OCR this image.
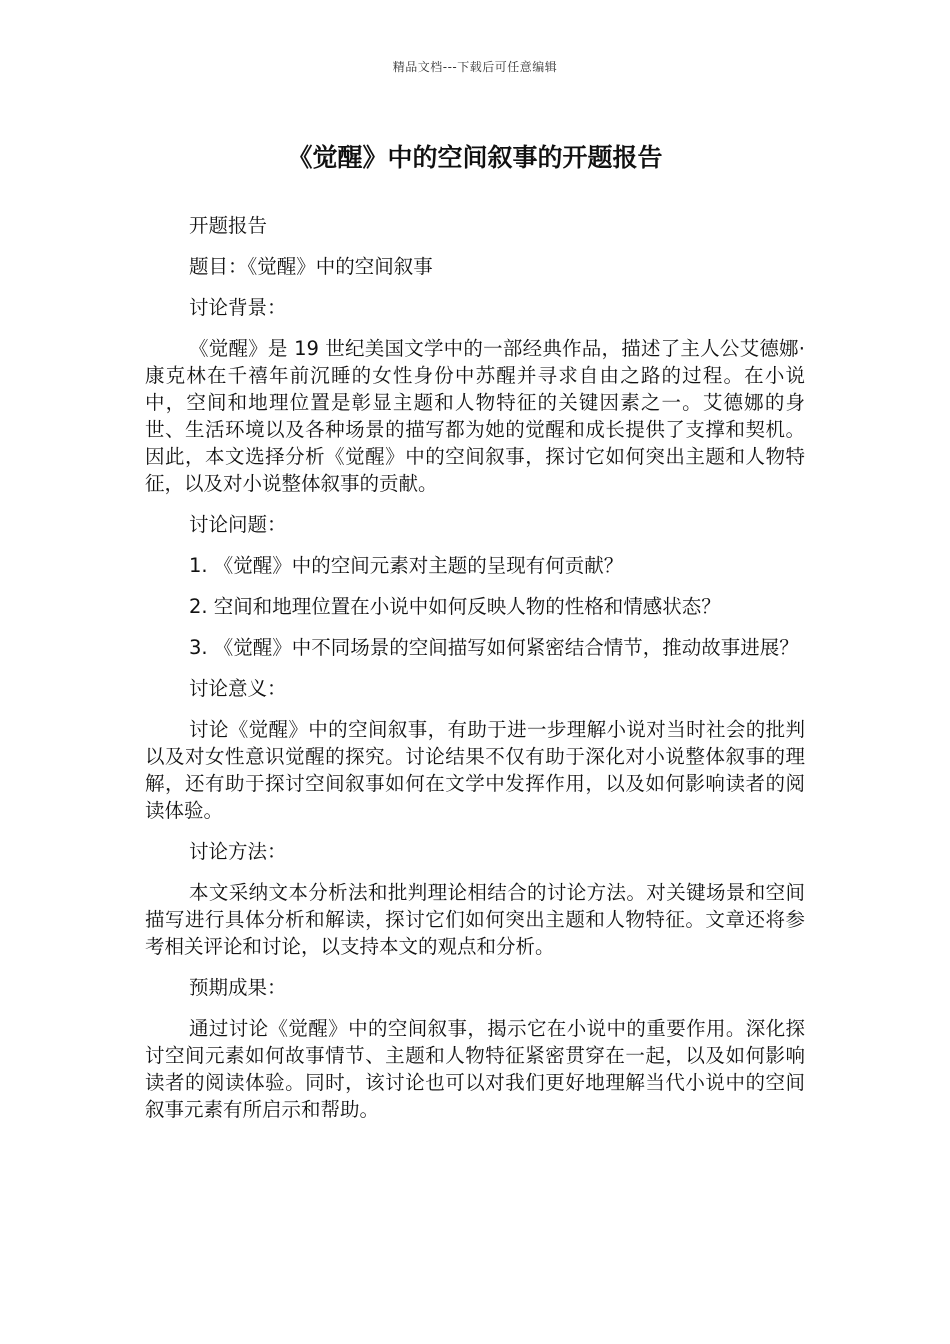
精品文档---下载后可任意编辑
《觉醒》中的空间叙事的开题报告

开题报告

题目：《觉醒》中的空间叙事

讨论背景：

《觉醒》是 19 世纪美国文学中的一部经典作品，描述了主人公艾德娜·康克林在千禧年前沉睡的女性身份中苏醒并寻求自由之路的过程。在小说中，空间和地理位置是彰显主题和人物特征的关键因素之一。艾德娜的身世、生活环境以及各种场景的描写都为她的觉醒和成长提供了支撑和契机。因此，本文选择分析《觉醒》中的空间叙事，探讨它如何突出主题和人物特征，以及对小说整体叙事的贡献。

讨论问题：

1. 《觉醒》中的空间元素对主题的呈现有何贡献？

2. 空间和地理位置在小说中如何反映人物的性格和情感状态？

3. 《觉醒》中不同场景的空间描写如何紧密结合情节，推动故事进展？

讨论意义：

讨论《觉醒》中的空间叙事，有助于进一步理解小说对当时社会的批判以及对女性意识觉醒的探究。讨论结果不仅有助于深化对小说整体叙事的理解，还有助于探讨空间叙事如何在文学中发挥作用，以及如何影响读者的阅读体验。

讨论方法：

本文采纳文本分析法和批判理论相结合的讨论方法。对关键场景和空间描写进行具体分析和解读，探讨它们如何突出主题和人物特征。文章还将参考相关评论和讨论，以支持本文的观点和分析。

预期成果：

通过讨论《觉醒》中的空间叙事，揭示它在小说中的重要作用。深化探讨空间元素如何故事情节、主题和人物特征紧密贯穿在一起，以及如何影响读者的阅读体验。同时，该讨论也可以对我们更好地理解当代小说中的空间叙事元素有所启示和帮助。
